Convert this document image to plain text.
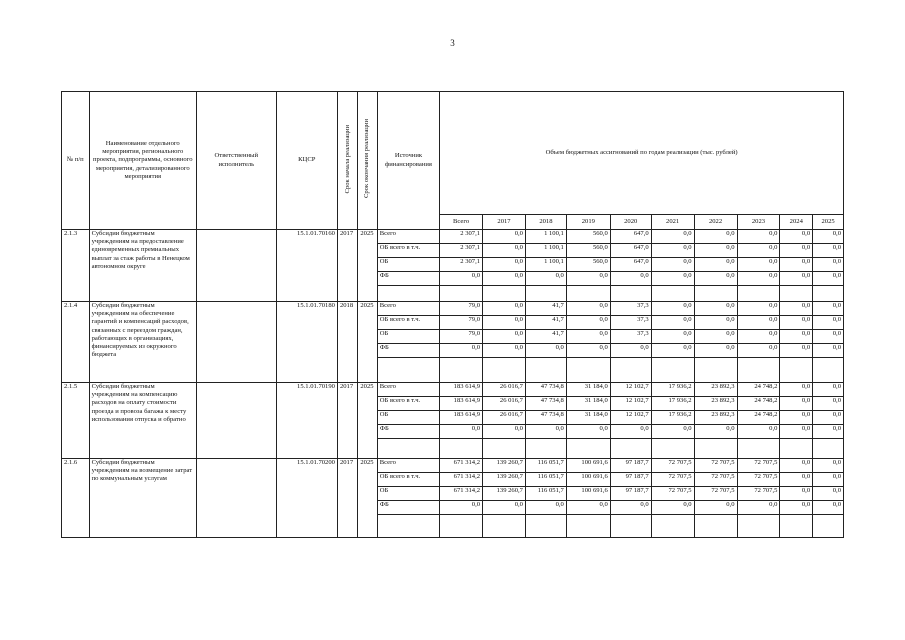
3
№ п/п	Наименование отдельного мероприятия, регионального проекта, подпрограммы, основного мероприятия, детализированного мероприятия	Ответственный исполнитель	КЦСР	Срок начала реализации	Срок окончания реализации	Источник финансирования	Объем бюджетных ассигнований по годам реализации (тыс. рублей)									
							Всего	2017	2018	2019	2020	2021	2022	2023	2024	2025
2.1.3	Субсидии бюджетным учреждениям на предоставление единовременных премиальных выплат за стаж работы в Ненецком автономном округе		15.1.01.70160	2017	2025	Всего	2 307,1	0,0	1 100,1	560,0	647,0	0,0	0,0	0,0	0,0	0,0
						ОБ всего в т.ч.	2 307,1	0,0	1 100,1	560,0	647,0	0,0	0,0	0,0	0,0	0,0
						ОБ	2 307,1	0,0	1 100,1	560,0	647,0	0,0	0,0	0,0	0,0	0,0
						ФБ	0,0	0,0	0,0	0,0	0,0	0,0	0,0	0,0	0,0	0,0

2.1.4	Субсидии бюджетным учреждениям на обеспечение гарантий и компенсаций расходов, связанных с переездом граждан, работающих в организациях, финансируемых из окружного бюджета		15.1.01.70180	2018	2025	Всего	79,0	0,0	41,7	0,0	37,3	0,0	0,0	0,0	0,0	0,0
						ОБ всего в т.ч.	79,0	0,0	41,7	0,0	37,3	0,0	0,0	0,0	0,0	0,0
						ОБ	79,0	0,0	41,7	0,0	37,3	0,0	0,0	0,0	0,0	0,0
						ФБ	0,0	0,0	0,0	0,0	0,0	0,0	0,0	0,0	0,0	0,0

2.1.5	Субсидии бюджетным учреждениям на компенсацию расходов на оплату стоимости проезда и провоза багажа к месту использования отпуска и обратно		15.1.01.70190	2017	2025	Всего	183 614,9	26 016,7	47 734,8	31 184,0	12 102,7	17 936,2	23 892,3	24 748,2	0,0	0,0
						ОБ всего в т.ч.	183 614,9	26 016,7	47 734,8	31 184,0	12 102,7	17 936,2	23 892,3	24 748,2	0,0	0,0
						ОБ	183 614,9	26 016,7	47 734,8	31 184,0	12 102,7	17 936,2	23 892,3	24 748,2	0,0	0,0
						ФБ	0,0	0,0	0,0	0,0	0,0	0,0	0,0	0,0	0,0	0,0

2.1.6	Субсидии бюджетным учреждениям на возмещение затрат по коммунальным услугам		15.1.01.70200	2017	2025	Всего	671 314,2	139 260,7	116 051,7	100 691,6	97 187,7	72 707,5	72 707,5	72 707,5	0,0	0,0
						ОБ всего в т.ч.	671 314,2	139 260,7	116 051,7	100 691,6	97 187,7	72 707,5	72 707,5	72 707,5	0,0	0,0
						ОБ	671 314,2	139 260,7	116 051,7	100 691,6	97 187,7	72 707,5	72 707,5	72 707,5	0,0	0,0
						ФБ	0,0	0,0	0,0	0,0	0,0	0,0	0,0	0,0	0,0	0,0
